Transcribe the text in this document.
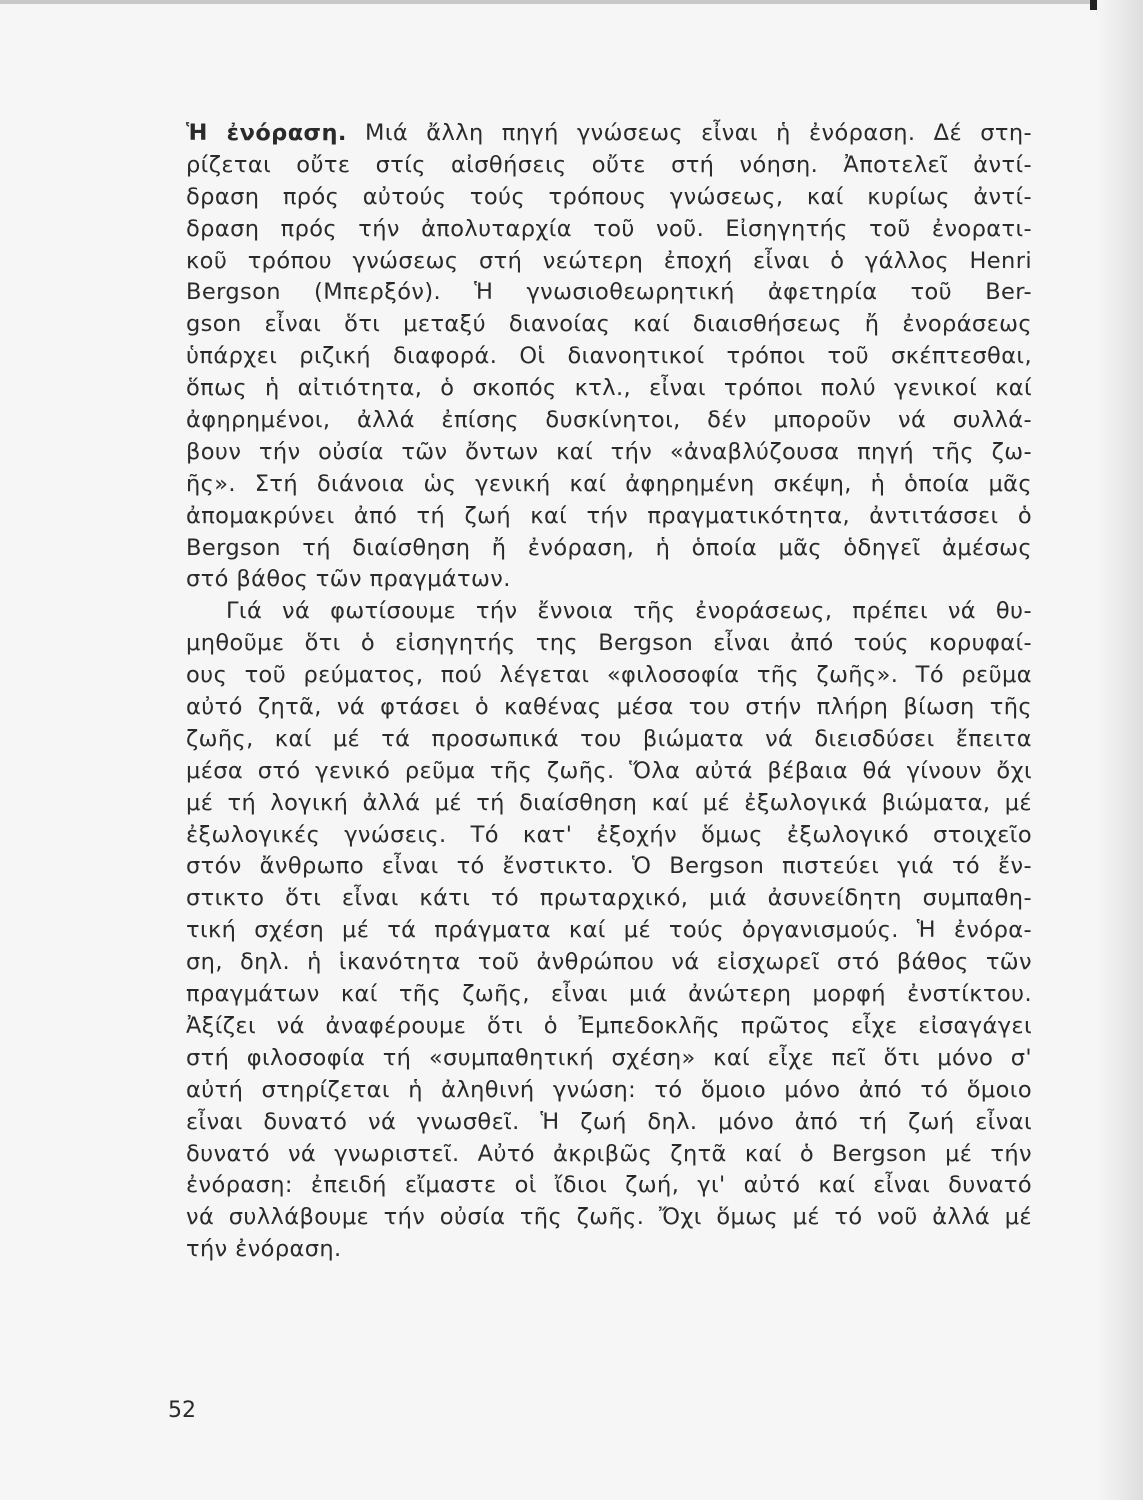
Ἡ ἐνόραση. Μιά ἄλλη πηγή γνώσεως εἶναι ἡ ἐνόραση. Δέ στη-
ρίζεται οὔτε στίς αἰσθήσεις οὔτε στή νόηση. Ἀποτελεῖ ἀντί-
δραση πρός αὐτούς τούς τρόπους γνώσεως, καί κυρίως ἀντί-
δραση πρός τήν ἀπολυταρχία τοῦ νοῦ. Εἰσηγητής τοῦ ἐνορατι-
κοῦ τρόπου γνώσεως στή νεώτερη ἐποχή εἶναι ὁ γάλλος Henri
Bergson (Μπερξόν). Ἡ γνωσιοθεωρητική ἀφετηρία τοῦ Ber-
gson εἶναι ὅτι μεταξύ διανοίας καί διαισθήσεως ἤ ἐνοράσεως
ὑπάρχει ριζική διαφορά. Οἱ διανοητικοί τρόποι τοῦ σκέπτεσθαι,
ὅπως ἡ αἰτιότητα, ὁ σκοπός κτλ., εἶναι τρόποι πολύ γενικοί καί
ἀφηρημένοι, ἀλλά ἐπίσης δυσκίνητοι, δέν μποροῦν νά συλλά-
βουν τήν οὐσία τῶν ὄντων καί τήν «ἀναβλύζουσα πηγή τῆς ζω-
ῆς». Στή διάνοια ὡς γενική καί ἀφηρημένη σκέψη, ἡ ὁποία μᾶς
ἀπομακρύνει ἀπό τή ζωή καί τήν πραγματικότητα, ἀντιτάσσει ὁ
Bergson τή διαίσθηση ἤ ἐνόραση, ἡ ὁποία μᾶς ὁδηγεῖ ἀμέσως
στό βάθος τῶν πραγμάτων.
Γιά νά φωτίσουμε τήν ἔννοια τῆς ἐνοράσεως, πρέπει νά θυ-
μηθοῦμε ὅτι ὁ εἰσηγητής της Bergson εἶναι ἀπό τούς κορυφαί-
ους τοῦ ρεύματος, πού λέγεται «φιλοσοφία τῆς ζωῆς». Τό ρεῦμα
αὐτό ζητᾶ, νά φτάσει ὁ καθένας μέσα του στήν πλήρη βίωση τῆς
ζωῆς, καί μέ τά προσωπικά του βιώματα νά διεισδύσει ἔπειτα
μέσα στό γενικό ρεῦμα τῆς ζωῆς. Ὅλα αὐτά βέβαια θά γίνουν ὄχι
μέ τή λογική ἀλλά μέ τή διαίσθηση καί μέ ἐξωλογικά βιώματα, μέ
ἐξωλογικές γνώσεις. Τό κατ' ἐξοχήν ὅμως ἐξωλογικό στοιχεῖο
στόν ἄνθρωπο εἶναι τό ἔνστικτο. Ὁ Bergson πιστεύει γιά τό ἔν-
στικτο ὅτι εἶναι κάτι τό πρωταρχικό, μιά ἀσυνείδητη συμπαθη-
τική σχέση μέ τά πράγματα καί μέ τούς ὀργανισμούς. Ἡ ἐνόρα-
ση, δηλ. ἡ ἱκανότητα τοῦ ἀνθρώπου νά εἰσχωρεῖ στό βάθος τῶν
πραγμάτων καί τῆς ζωῆς, εἶναι μιά ἀνώτερη μορφή ἐνστίκτου.
Ἀξίζει νά ἀναφέρουμε ὅτι ὁ Ἐμπεδοκλῆς πρῶτος εἶχε εἰσαγάγει
στή φιλοσοφία τή «συμπαθητική σχέση» καί εἶχε πεῖ ὅτι μόνο σ'
αὐτή στηρίζεται ἡ ἀληθινή γνώση: τό ὅμοιο μόνο ἀπό τό ὅμοιο
εἶναι δυνατό νά γνωσθεῖ. Ἡ ζωή δηλ. μόνο ἀπό τή ζωή εἶναι
δυνατό νά γνωριστεῖ. Αὐτό ἀκριβῶς ζητᾶ καί ὁ Bergson μέ τήν
ἐνόραση: ἐπειδή εἴμαστε οἱ ἴδιοι ζωή, γι' αὐτό καί εἶναι δυνατό
νά συλλάβουμε τήν οὐσία τῆς ζωῆς. Ὄχι ὅμως μέ τό νοῦ ἀλλά μέ
τήν ἐνόραση.
52
